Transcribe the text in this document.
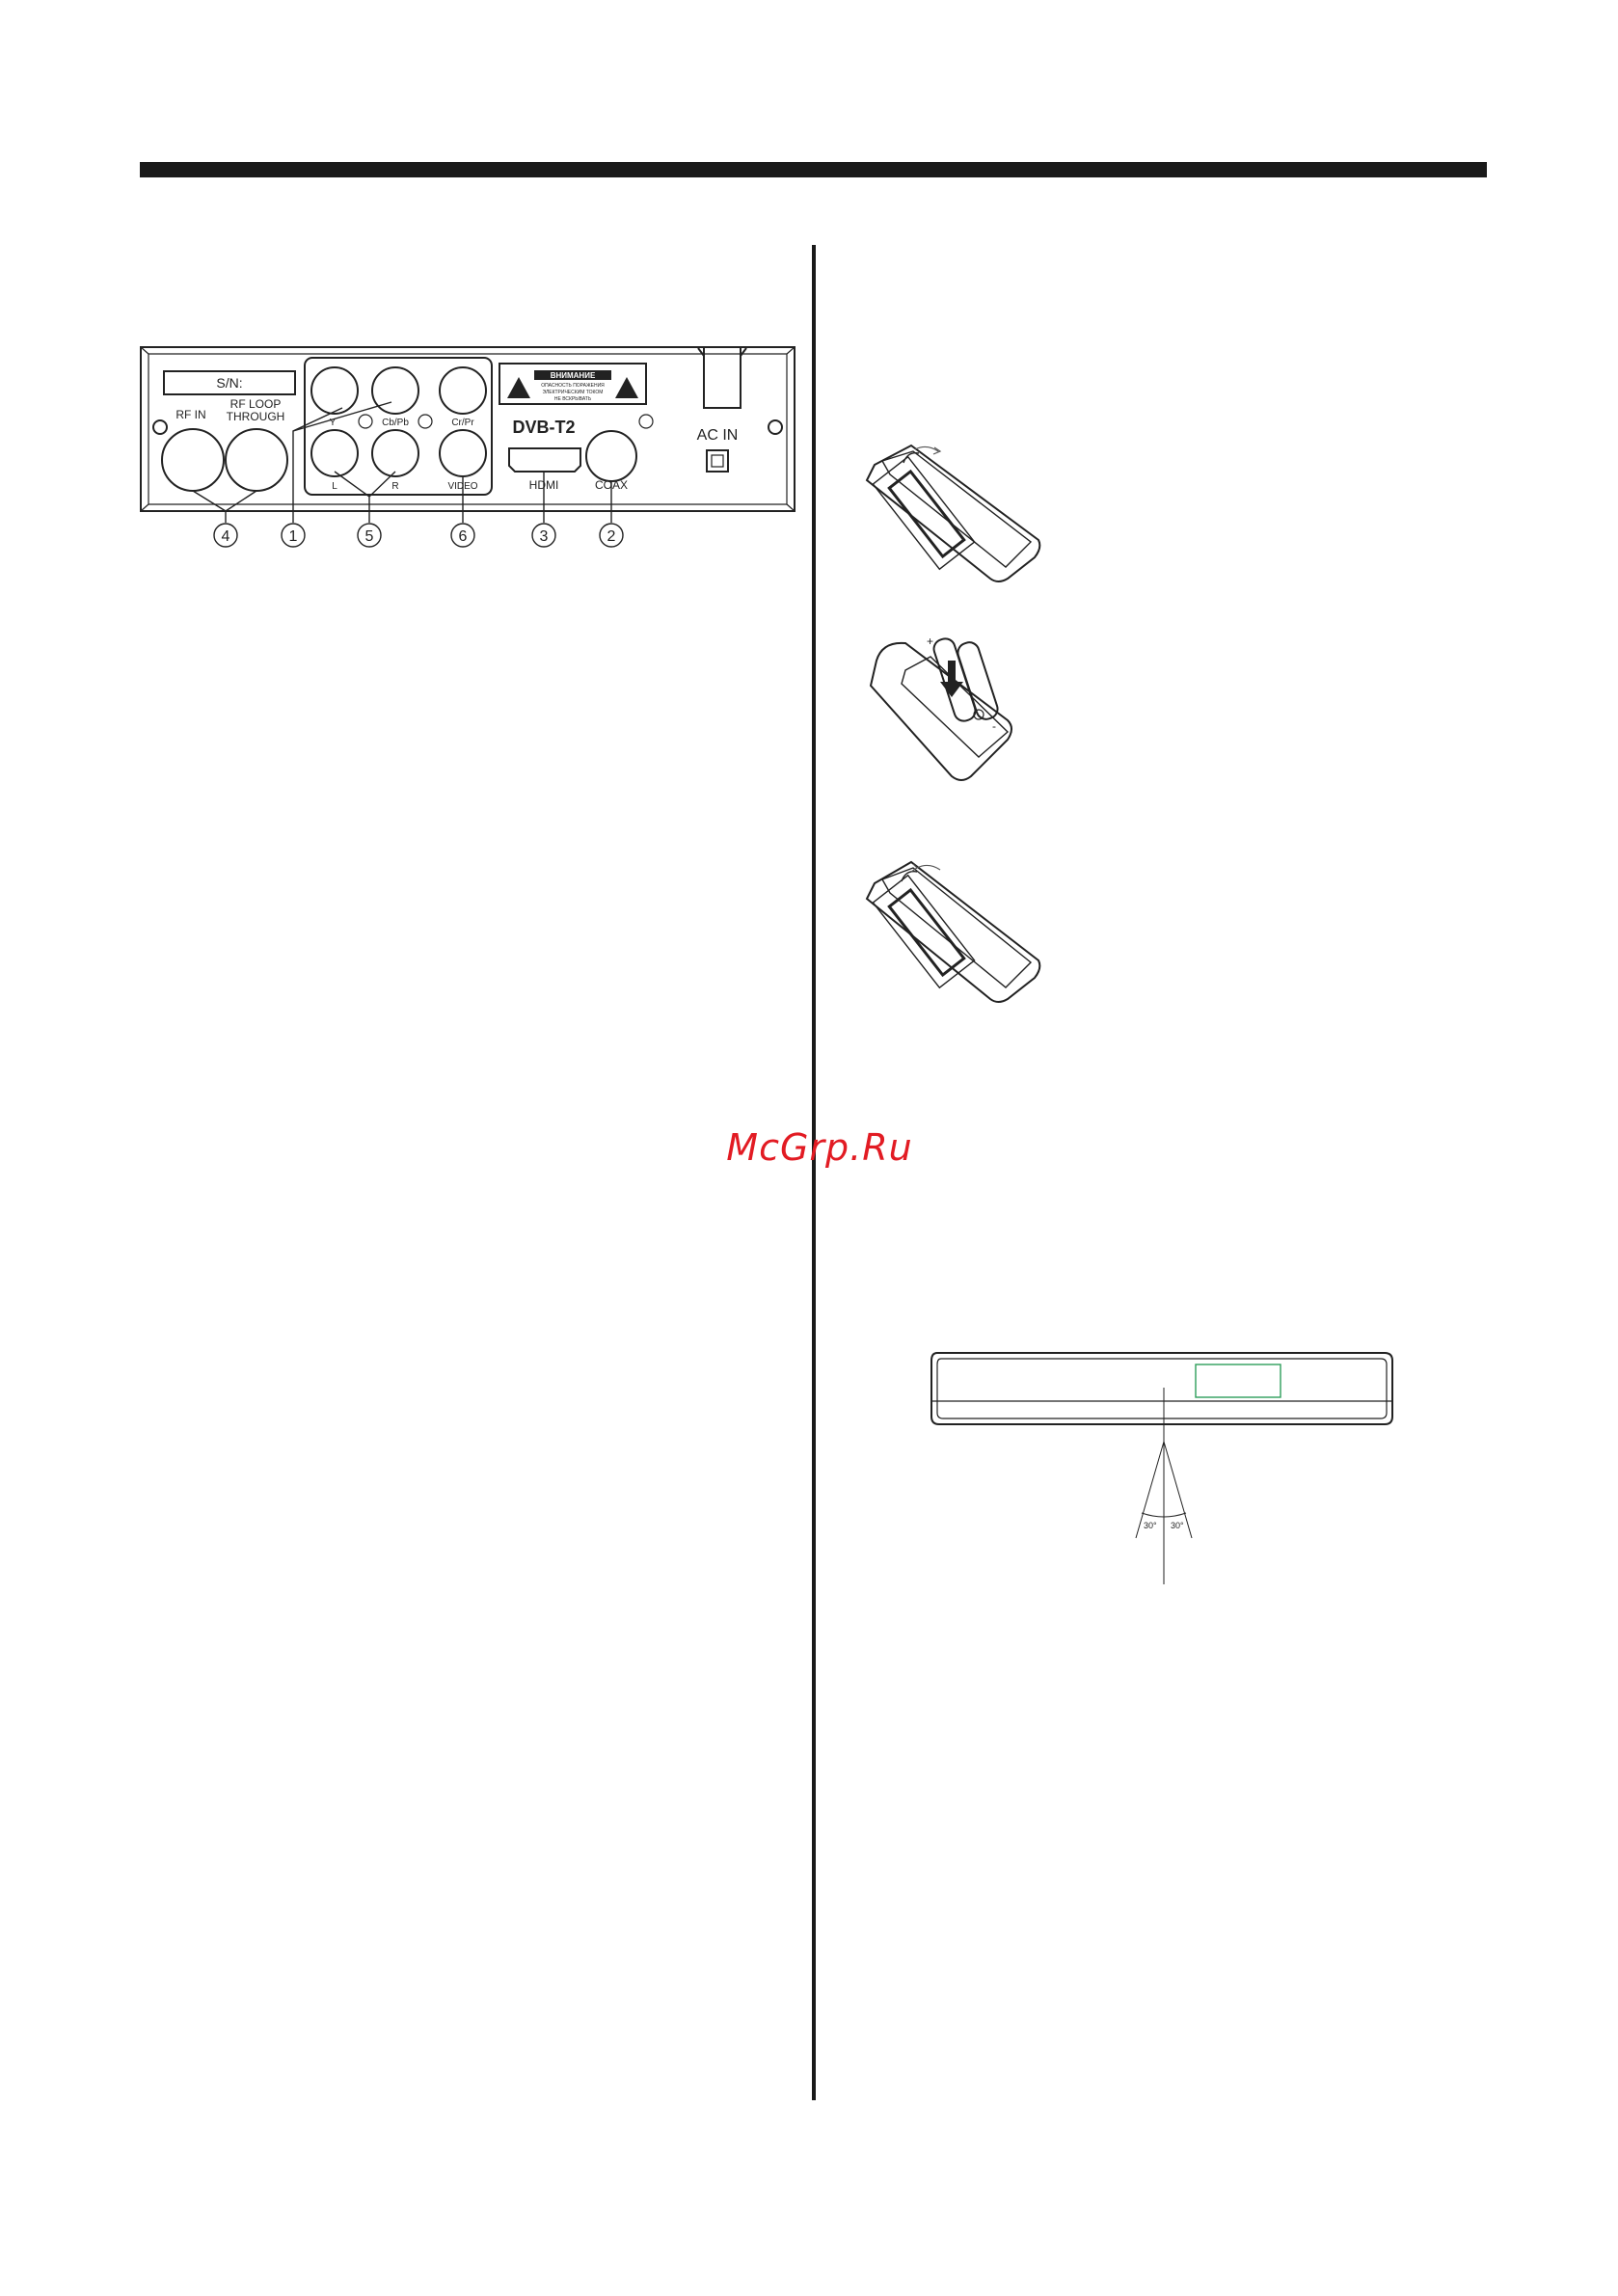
S/N:
RF IN
RF LOOP
THROUGH	Y	Cb/Pb	Cr/Pr
L	R	VIDEO
ВНИМАНИЕ
ОПАСНОСТЬ ПОРАЖЕНИЯ
ЭЛЕКТРИЧЕСКИМ ТОКОМ
НЕ ВСКРЫВАТЬ
DVB-T2
HDMI	COAX
AC IN
4	1	5	6	3	2
+
-
McGrp.Ru
30° 30°
